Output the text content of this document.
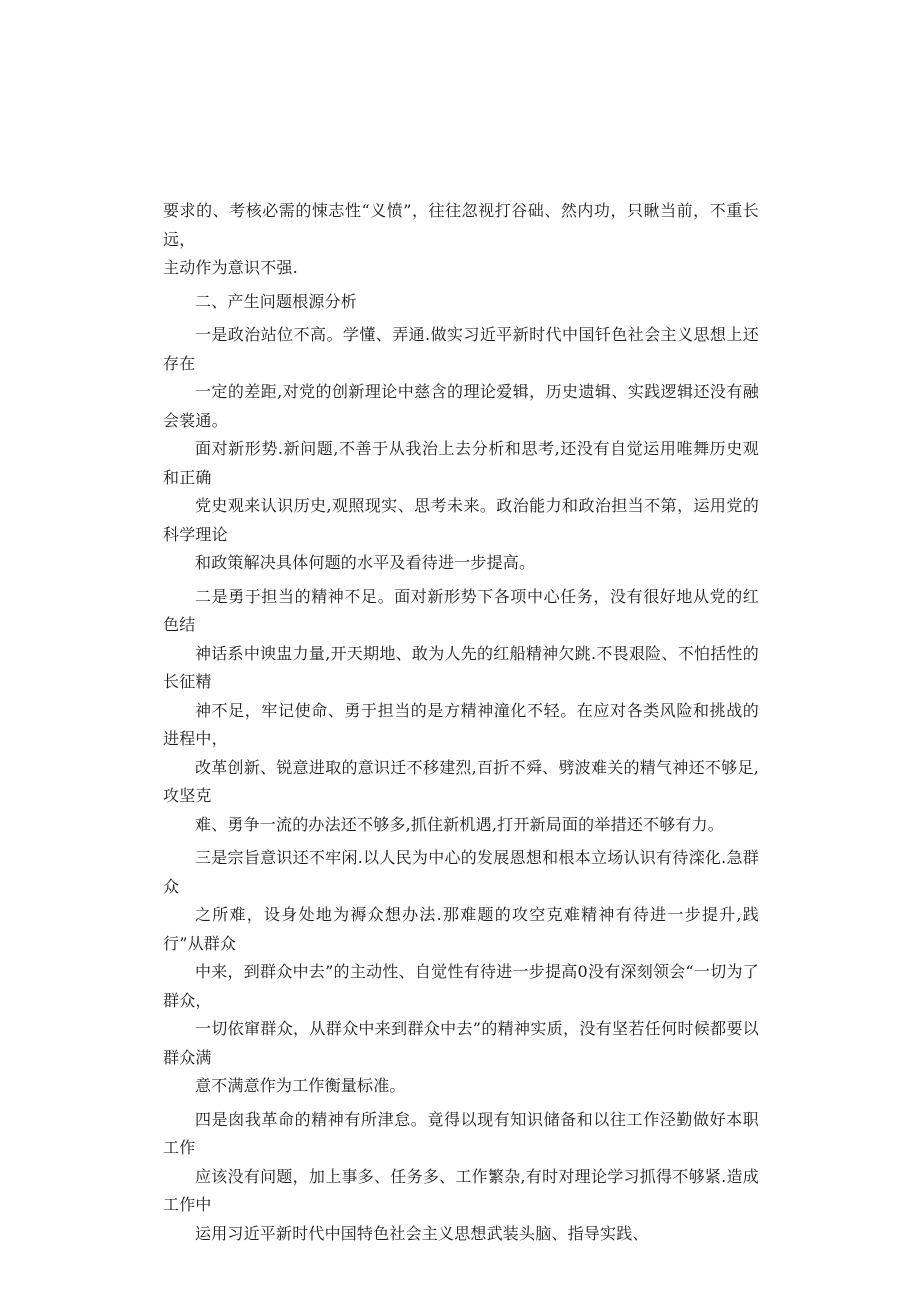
要求的、考核必需的悚志性“义愤”，往往忽视打谷础、然内功，只瞅当前，不重长远，
主动作为意识不强.

二、产生问题根源分析

一是政治站位不高。学懂、弄通.做实习近平新时代中国钎色社会主义思想上还存在
一定的差距,对党的创新理论中慈含的理论爱辑，历史遗辑、实践逻辑还没有融会裳通。
面对新形势.新问题,不善于从我治上去分析和思考,还没有自觉运用唯舞历史观和正确
党史观来认识历史,观照现实、思考未来。政治能力和政治担当不第，运用党的科学理论
和政策解决具体何题的水平及看待进一步提高。

二是勇于担当的精神不足。面对新形势下各项中心任务，没有很好地从党的红色结
神话系中谀盅力量,开天期地、敢为人先的红船精神欠跳.不畏艰险、不怕括性的长征精
神不足，牢记使命、勇于担当的是方精神潼化不轻。在应对各类风险和挑战的进程中，
改革创新、锐意进取的意识迁不移建烈,百折不舜、劈波难关的精气神还不够足,攻坚克
难、勇争一流的办法还不够多,抓住新机遇,打开新局面的举措还不够有力。

三是宗旨意识还不牢闲.以人民为中心的发展恩想和根本立场认识有待滦化.急群众
之所难，设身处地为褥众想办法.那难题的攻空克难精神有待进一步提升,践行”从群众
中来，到群众中去”的主动性、自觉性有待进一步提高0没有深刻领会“一切为了群众，
一切依窜群众，从群众中来到群众中去”的精神实质，没有坚若任何时候都要以群众满
意不满意作为工作衡量标准。

四是囱我革命的精神有所津怠。竟得以现有知识储备和以往工作泾勤做好本职工作
应该没有问题，加上事多、任务多、工作繁杂,有时对理论学习抓得不够紧.造成工作中
运用习近平新时代中国特色社会主义思想武装头脑、指导实践、
